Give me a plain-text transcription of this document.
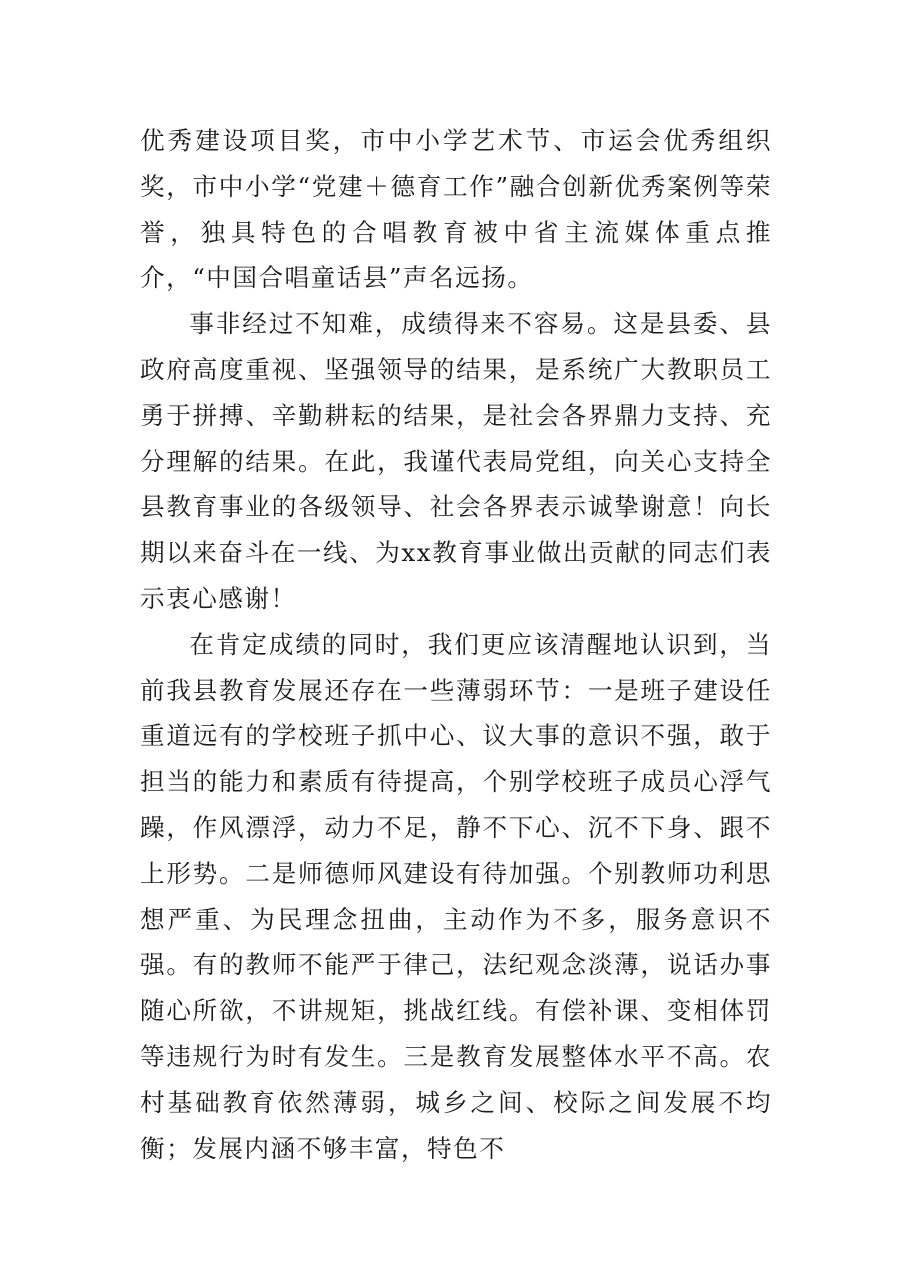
优秀建设项目奖，市中小学艺术节、市运会优秀组织奖，市中小学“党建＋德育工作”融合创新优秀案例等荣誉，独具特色的合唱教育被中省主流媒体重点推介，“中国合唱童话县”声名远扬。

事非经过不知难，成绩得来不容易。这是县委、县政府高度重视、坚强领导的结果，是系统广大教职员工勇于拼搏、辛勤耕耘的结果，是社会各界鼎力支持、充分理解的结果。在此，我谨代表局党组，向关心支持全县教育事业的各级领导、社会各界表示诚挚谢意！向长期以来奋斗在一线、为xx教育事业做出贡献的同志们表示衷心感谢！

在肯定成绩的同时，我们更应该清醒地认识到，当前我县教育发展还存在一些薄弱环节：一是班子建设任重道远有的学校班子抓中心、议大事的意识不强，敢于担当的能力和素质有待提高，个别学校班子成员心浮气躁，作风漂浮，动力不足，静不下心、沉不下身、跟不上形势。二是师德师风建设有待加强。个别教师功利思想严重、为民理念扭曲，主动作为不多，服务意识不强。有的教师不能严于律己，法纪观念淡薄，说话办事随心所欲，不讲规矩，挑战红线。有偿补课、变相体罚等违规行为时有发生。三是教育发展整体水平不高。农村基础教育依然薄弱，城乡之间、校际之间发展不均衡；发展内涵不够丰富，特色不
